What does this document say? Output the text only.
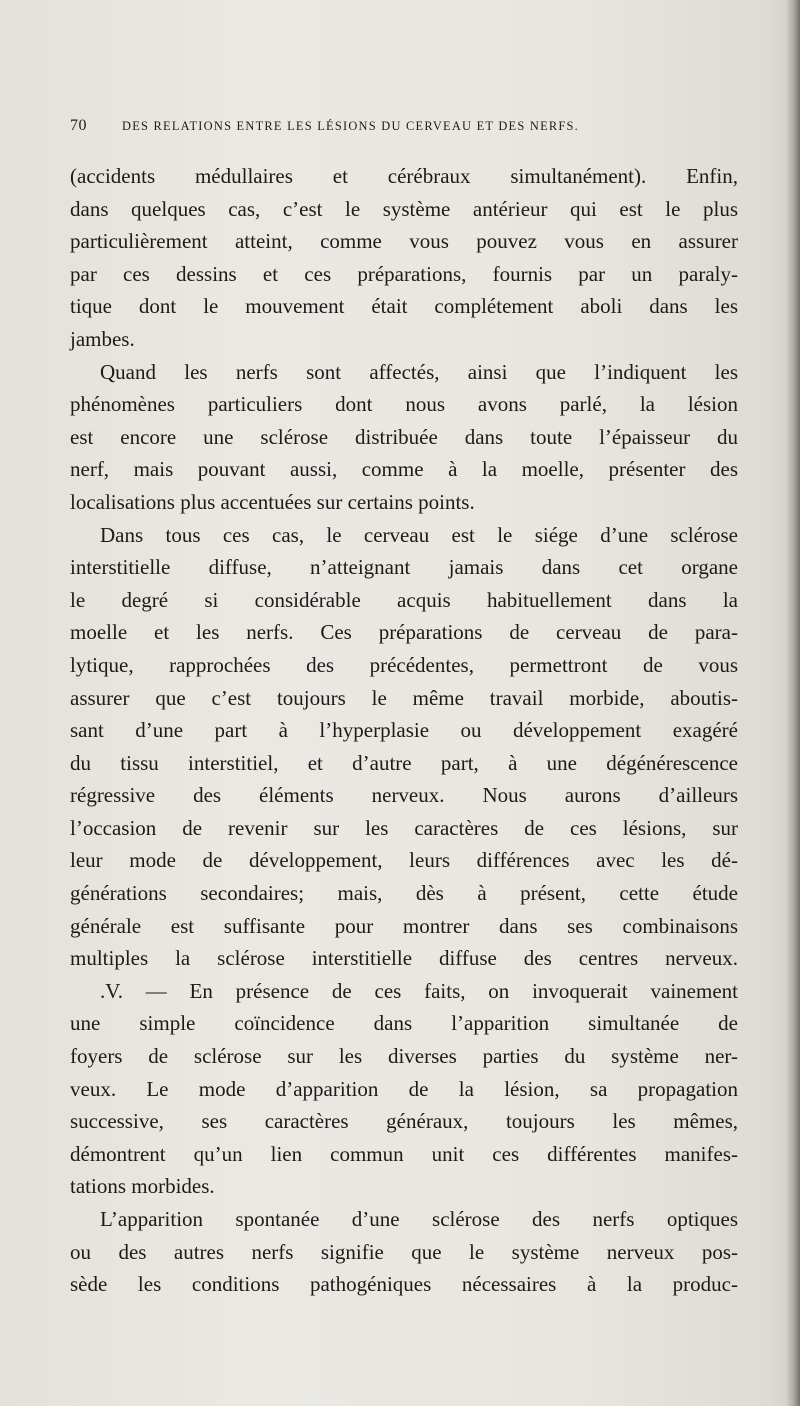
70	DES RELATIONS ENTRE LES LÉSIONS DU CERVEAU ET DES NERFS.
(accidents médullaires et cérébraux simultanément). Enfin,
dans quelques cas, c’est le système antérieur qui est le plus
particulièrement atteint, comme vous pouvez vous en assurer
par ces dessins et ces préparations, fournis par un paraly-
tique dont le mouvement était complétement aboli dans les
jambes.
Quand les nerfs sont affectés, ainsi que l’indiquent les
phénomènes particuliers dont nous avons parlé, la lésion
est encore une sclérose distribuée dans toute l’épaisseur du
nerf, mais pouvant aussi, comme à la moelle, présenter des
localisations plus accentuées sur certains points.
Dans tous ces cas, le cerveau est le siége d’une sclérose
interstitielle diffuse, n’atteignant jamais dans cet organe
le degré si considérable acquis habituellement dans la
moelle et les nerfs. Ces préparations de cerveau de para-
lytique, rapprochées des précédentes, permettront de vous
assurer que c’est toujours le même travail morbide, aboutis-
sant d’une part à l’hyperplasie ou développement exagéré
du tissu interstitiel, et d’autre part, à une dégénérescence
régressive des éléments nerveux. Nous aurons d’ailleurs
l’occasion de revenir sur les caractères de ces lésions, sur
leur mode de développement, leurs différences avec les dé-
générations secondaires; mais, dès à présent, cette étude
générale est suffisante pour montrer dans ses combinaisons
multiples la sclérose interstitielle diffuse des centres nerveux.
.V. — En présence de ces faits, on invoquerait vainement
une simple coïncidence dans l’apparition simultanée de
foyers de sclérose sur les diverses parties du système ner-
veux. Le mode d’apparition de la lésion, sa propagation
successive, ses caractères généraux, toujours les mêmes,
démontrent qu’un lien commun unit ces différentes manifes-
tations morbides.
L’apparition spontanée d’une sclérose des nerfs optiques
ou des autres nerfs signifie que le système nerveux pos-
sède les conditions pathogéniques nécessaires à la produc-
